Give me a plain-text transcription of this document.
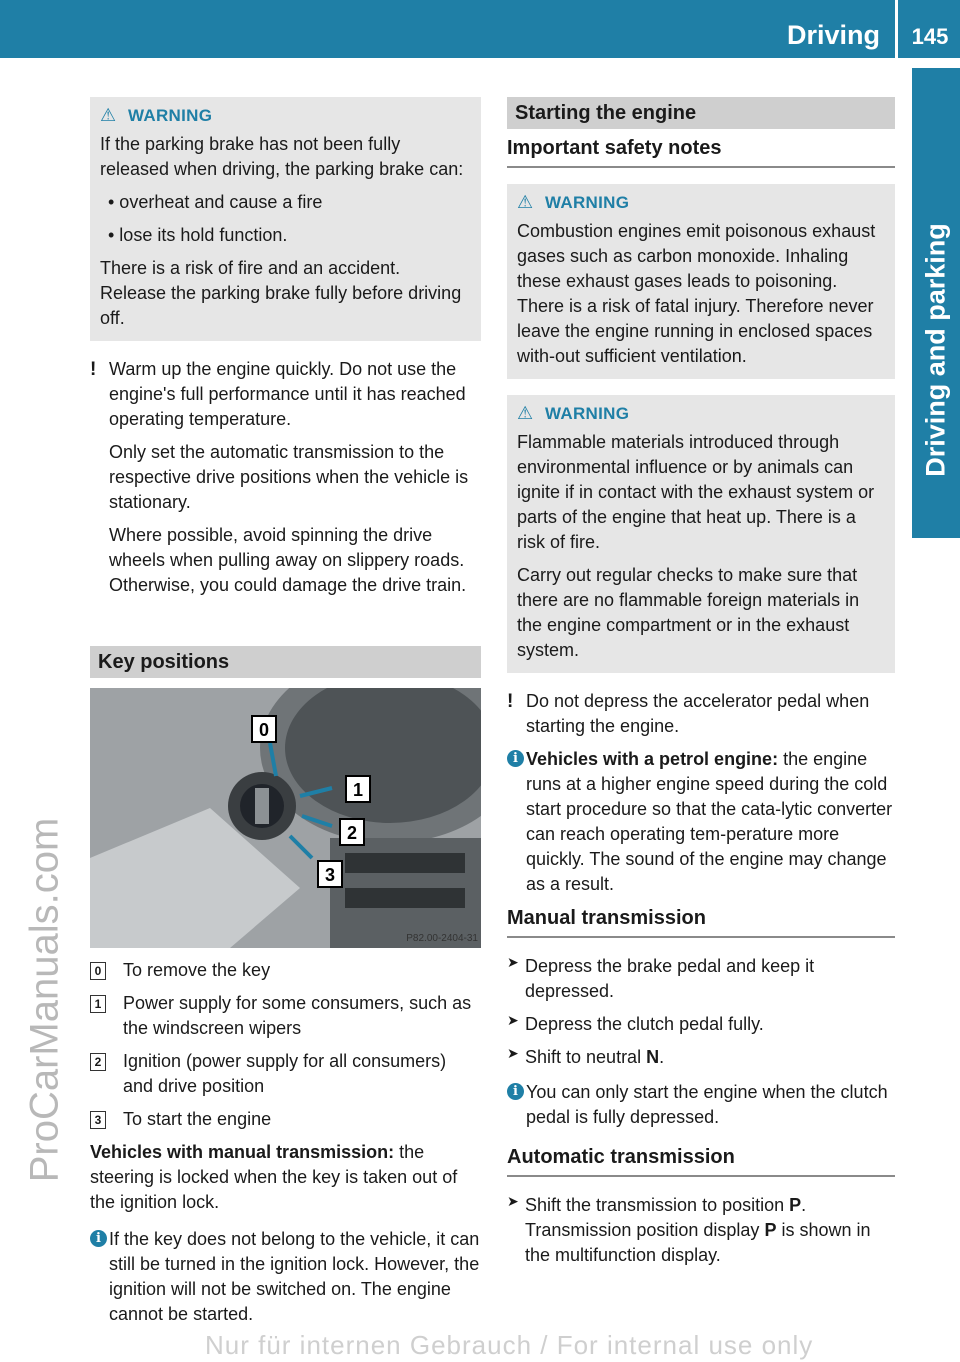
Driving	145
Driving and parking
ProCarManuals.com
⚠ WARNING

If the parking brake has not been fully released when driving, the parking brake can:

• overheat and cause a fire

• lose its hold function.

There is a risk of fire and an accident. Release the parking brake fully before driving off.

! Warm up the engine quickly. Do not use the engine's full performance until it has reached operating temperature.

Only set the automatic transmission to the respective drive positions when the vehicle is stationary.

Where possible, avoid spinning the drive wheels when pulling away on slippery roads. Otherwise, you could damage the drive train.

Key positions
0
1
2
3
P82.00-2404-31
0 To remove the key

1 Power supply for some consumers, such as the windscreen wipers

2 Ignition (power supply for all consumers) and drive position

3 To start the engine

Vehicles with manual transmission: the steering is locked when the key is taken out of the ignition lock.

i If the key does not belong to the vehicle, it can still be turned in the ignition lock. However, the ignition will not be switched on. The engine cannot be started.

Starting the engine
Important safety notes
⚠ WARNING

Combustion engines emit poisonous exhaust gases such as carbon monoxide. Inhaling these exhaust gases leads to poisoning. There is a risk of fatal injury. Therefore never leave the engine running in enclosed spaces with-out sufficient ventilation.

⚠ WARNING

Flammable materials introduced through environmental influence or by animals can ignite if in contact with the exhaust system or parts of the engine that heat up. There is a risk of fire.

Carry out regular checks to make sure that there are no flammable foreign materials in the engine compartment or in the exhaust system.

! Do not depress the accelerator pedal when starting the engine.

i Vehicles with a petrol engine: the engine runs at a higher engine speed during the cold start procedure so that the cata-lytic converter can reach operating tem-perature more quickly. The sound of the engine may change as a result.

Manual transmission
➤ Depress the brake pedal and keep it depressed.

➤ Depress the clutch pedal fully.

➤ Shift to neutral N.

i You can only start the engine when the clutch pedal is fully depressed.

Automatic transmission
➤ Shift the transmission to position P. Transmission position display P is shown in the multifunction display.

Nur für internen Gebrauch / For internal use only
